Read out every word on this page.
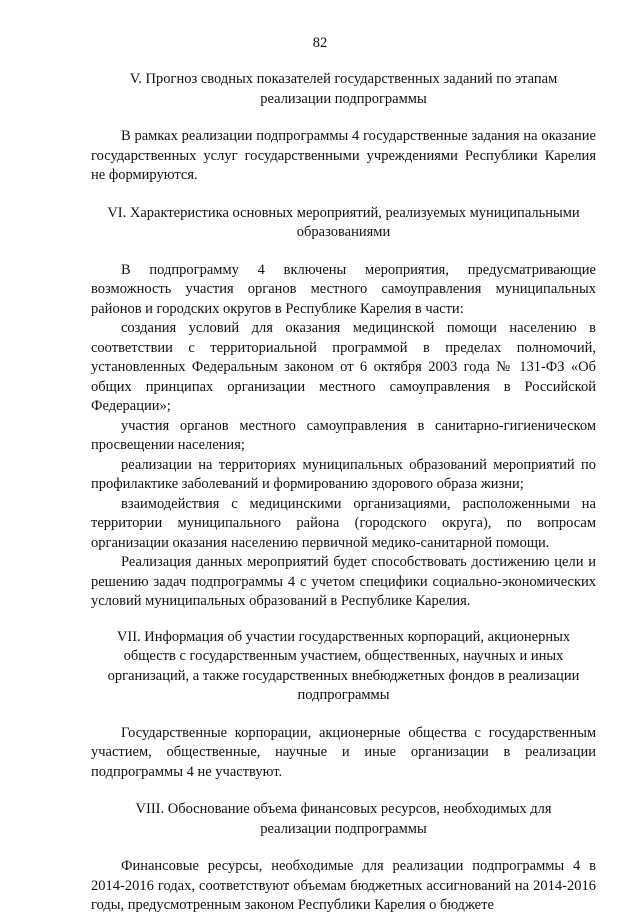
82
V. Прогноз сводных показателей государственных заданий по этапам реализации подпрограммы

В рамках реализации подпрограммы 4 государственные задания на оказание государственных услуг государственными учреждениями Республики Карелия не формируются.

VI. Характеристика основных мероприятий, реализуемых муниципальными образованиями

В подпрограмму 4 включены мероприятия, предусматривающие возможность участия органов местного самоуправления муниципальных районов и городских округов в Республике Карелия в части:

создания условий для оказания медицинской помощи населению в соответствии с территориальной программой в пределах полномочий, установленных Федеральным законом от 6 октября 2003 года № 131-ФЗ «Об общих принципах организации местного самоуправления в Российской Федерации»;

участия органов местного самоуправления в санитарно-гигиеническом просвещении населения;

реализации на территориях муниципальных образований мероприятий по профилактике заболеваний и формированию здорового образа жизни;

взаимодействия с медицинскими организациями, расположенными на территории муниципального района (городского округа), по вопросам организации оказания населению первичной медико-санитарной помощи.

Реализация данных мероприятий будет способствовать достижению цели и решению задач подпрограммы 4 с учетом специфики социально-экономических условий муниципальных образований в Республике Карелия.

VII. Информация об участии государственных корпораций, акционерных обществ с государственным участием, общественных, научных и иных организаций, а также государственных внебюджетных фондов в реализации подпрограммы

Государственные корпорации, акционерные общества с государственным участием, общественные, научные и иные организации в реализации подпрограммы 4 не участвуют.

VIII. Обоснование объема финансовых ресурсов, необходимых для реализации подпрограммы

Финансовые ресурсы, необходимые для реализации подпрограммы 4 в 2014-2016 годах, соответствуют объемам бюджетных ассигнований на 2014-2016 годы, предусмотренным законом Республики Карелия о бюджете
